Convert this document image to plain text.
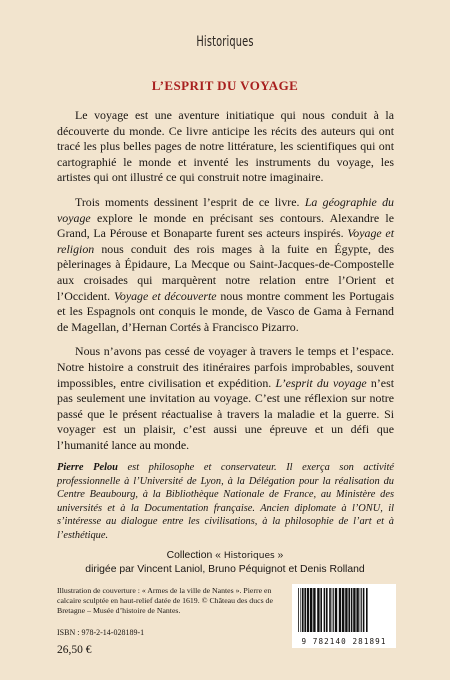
Historiques
L’ESPRIT DU VOYAGE

Le voyage est une aventure initiatique qui nous conduit à la découverte du monde. Ce livre anticipe les récits des auteurs qui ont tracé les plus belles pages de notre littérature, les scientifiques qui ont cartographié le monde et inventé les instruments du voyage, les artistes qui ont illustré ce qui construit notre imaginaire.

Trois moments dessinent l’esprit de ce livre. La géographie du voyage explore le monde en précisant ses contours. Alexandre le Grand, La Pérouse et Bonaparte furent ses acteurs inspirés. Voyage et religion nous conduit des rois mages à la fuite en Égypte, des pèlerinages à Épidaure, La Mecque ou Saint-Jacques-de-Compostelle aux croisades qui marquèrent notre relation entre l’Orient et l’Occident. Voyage et découverte nous montre comment les Portugais et les Espagnols ont conquis le monde, de Vasco de Gama à Fernand de Magellan, d’Hernan Cortés à Francisco Pizarro.

Nous n’avons pas cessé de voyager à travers le temps et l’espace. Notre histoire a construit des itinéraires parfois improbables, souvent impossibles, entre civilisation et expédition. L’esprit du voyage n’est pas seulement une invitation au voyage. C’est une réflexion sur notre passé que le présent réactualise à travers la maladie et la guerre. Si voyager est un plaisir, c’est aussi une épreuve et un défi que l’humanité lance au monde.

Pierre Pelou est philosophe et conservateur. Il exerça son activité professionnelle à l’Université de Lyon, à la Délégation pour la réalisation du Centre Beaubourg, à la Bibliothèque Nationale de France, au Ministère des universités et à la Documentation française. Ancien diplomate à l’ONU, il s’intéresse au dialogue entre les civilisations, à la philosophie de l’art et à l’esthétique.
Collection « Historiques »
dirigée par Vincent Laniol, Bruno Péquignot et Denis Rolland
Illustration de couverture : « Armes de la ville de Nantes ». Pierre en calcaire sculptée en haut-relief datée de 1619. © Château des ducs de Bretagne – Musée d’histoire de Nantes.
ISBN : 978-2-14-028189-1
26,50 €
9 782140 281891
